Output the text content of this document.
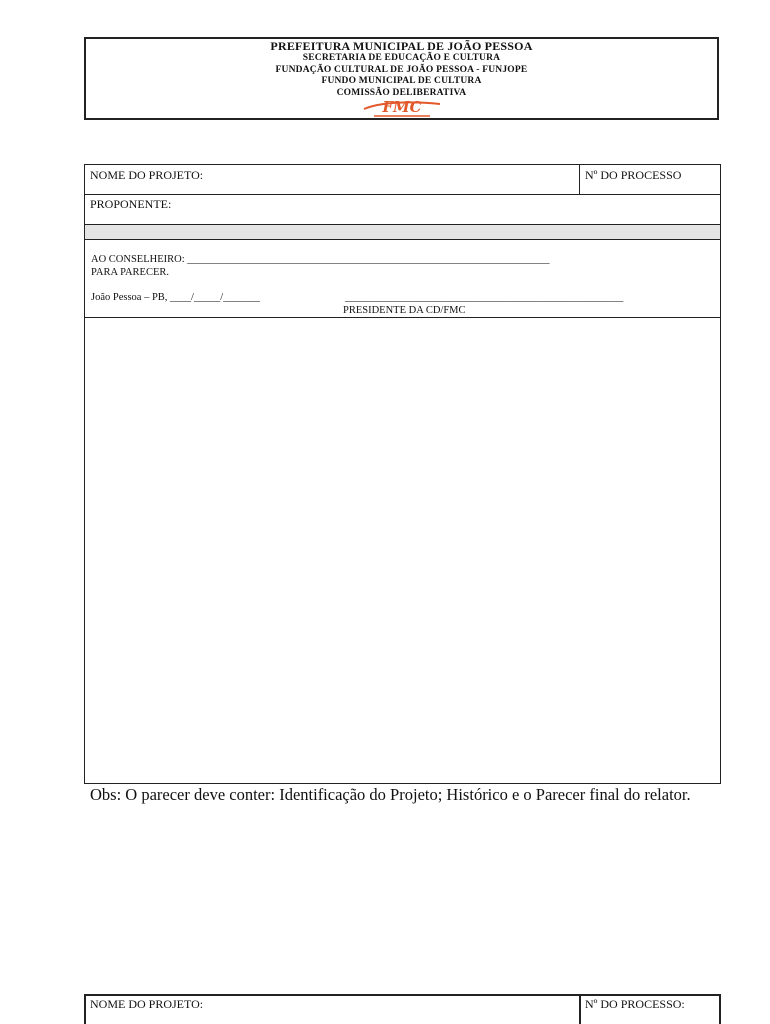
PREFEITURA MUNICIPAL DE JOÃO PESSOA
SECRETARIA DE EDUCAÇÃO E CULTURA
FUNDAÇÃO CULTURAL DE JOÃO PESSOA - FUNJOPE
FUNDO MUNICIPAL DE CULTURA
COMISSÃO DELIBERATIVA
FMC
NOME DO PROJETO:	Nº DO PROCESSO
PROPONENTE:
AO CONSELHEIRO: _____________________________________________________________________
PARA PARECER.
João Pessoa – PB, ____/_____/_______	_____________________________________________________
PRESIDENTE DA CD/FMC
Obs: O parecer deve conter: Identificação do Projeto; Histórico e o Parecer final do relator.
NOME DO PROJETO:	Nº DO PROCESSO:
